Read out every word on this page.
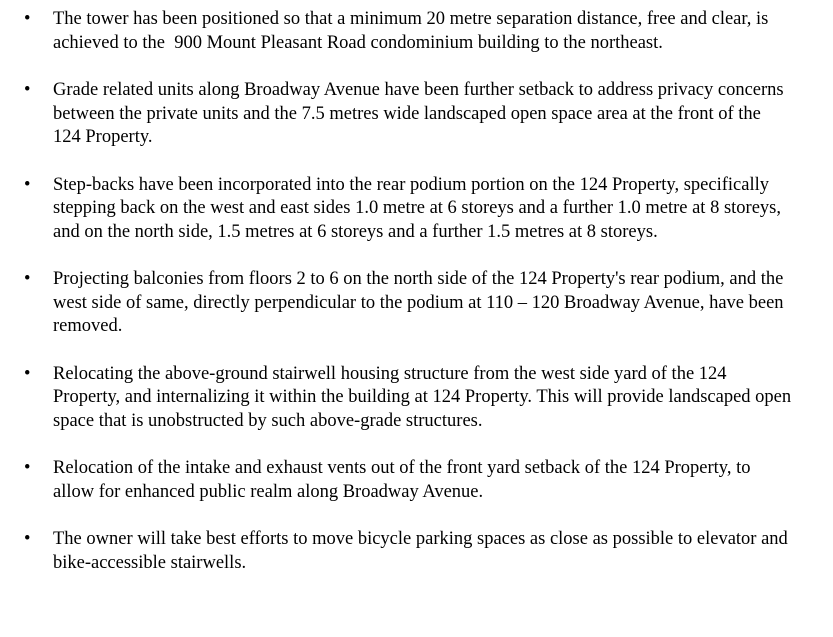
• The tower has been positioned so that a minimum 20 metre separation distance, free and clear, is achieved to the  900 Mount Pleasant Road condominium building to the northeast.
• Grade related units along Broadway Avenue have been further setback to address privacy concerns between the private units and the 7.5 metres wide landscaped open space area at the front of the 124 Property.
• Step-backs have been incorporated into the rear podium portion on the 124 Property, specifically stepping back on the west and east sides 1.0 metre at 6 storeys and a further 1.0 metre at 8 storeys, and on the north side, 1.5 metres at 6 storeys and a further 1.5 metres at 8 storeys.
• Projecting balconies from floors 2 to 6 on the north side of the 124 Property's rear podium, and the west side of same, directly perpendicular to the podium at 110 – 120 Broadway Avenue, have been removed.
• Relocating the above-ground stairwell housing structure from the west side yard of the 124 Property, and internalizing it within the building at 124 Property. This will provide landscaped open space that is unobstructed by such above-grade structures.
• Relocation of the intake and exhaust vents out of the front yard setback of the 124 Property, to allow for enhanced public realm along Broadway Avenue.
• The owner will take best efforts to move bicycle parking spaces as close as possible to elevator and bike-accessible stairwells.
